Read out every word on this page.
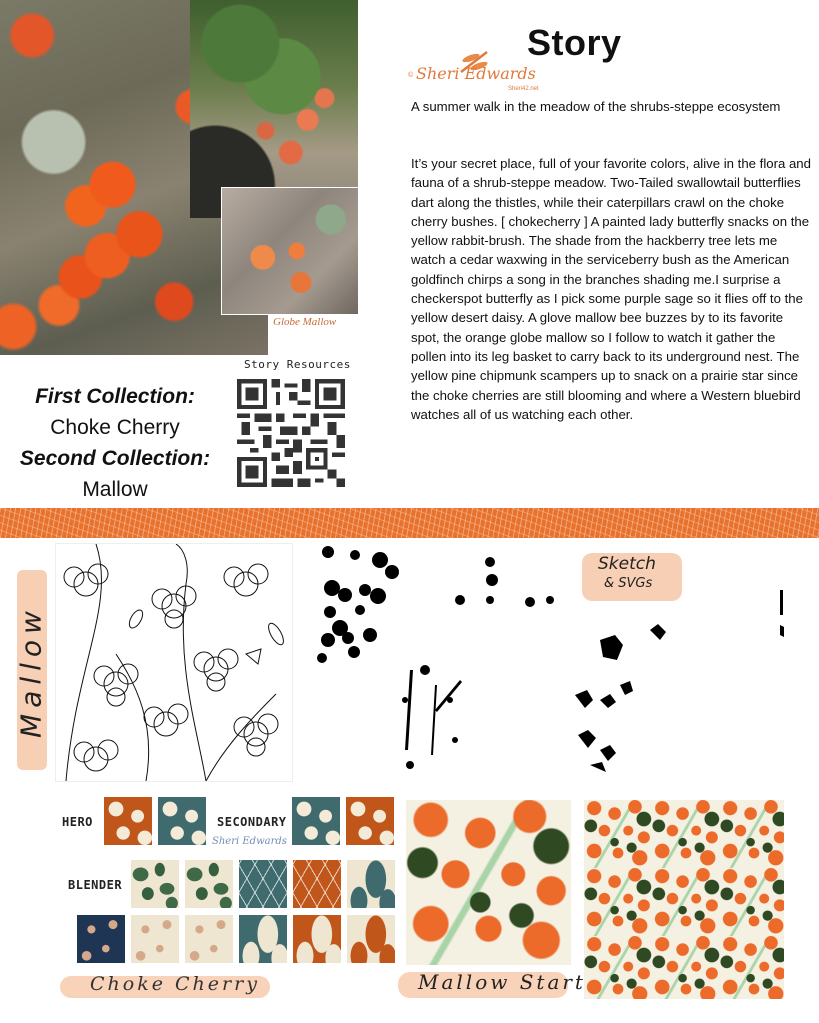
Globe Mallow
Story
© Sheri Edwards
Sheri42.net
A summer walk in the meadow of the shrubs-steppe ecosystem
It’s your secret place, full of your favorite colors, alive in the flora and fauna of a shrub-steppe meadow. Two-Tailed swallowtail butterflies dart along the thistles, while their caterpillars crawl on the choke cherry bushes. [ chokecherry ] A painted lady butterfly snacks on the yellow rabbit-brush. The shade from the hackberry tree lets me watch a cedar waxwing in the serviceberry bush as the American goldfinch chirps a song in the branches shading me.I surprise a checkerspot butterfly as I pick some purple sage so it flies off to the yellow desert daisy. A glove mallow bee buzzes by to its favorite spot, the orange globe mallow so I follow to watch it gather the pollen into its leg basket to carry back to its underground nest. The yellow pine chipmunk scampers up to snack on a prairie star since the choke cherries are still blooming and where a Western bluebird watches all of us watching each other.
First Collection:
Choke Cherry
Second Collection:
Mallow
Story Resources
Mallow
Sketch
& SVGs
HERO	SECONDARY
Sheri Edwards
BLENDER
Choke Cherry	Mallow Start
